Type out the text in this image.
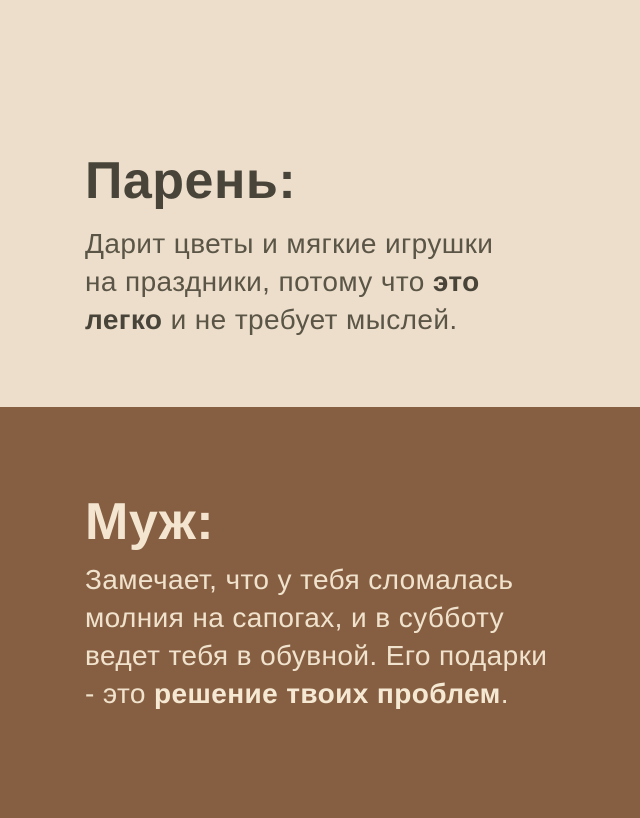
Парень:

Дарит цветы и мягкие игрушки
на праздники, потому что это
легко и не требует мыслей.

Муж:

Замечает, что у тебя сломалась
молния на сапогах, и в субботу
ведет тебя в обувной. Его подарки
- это решение твоих проблем.
